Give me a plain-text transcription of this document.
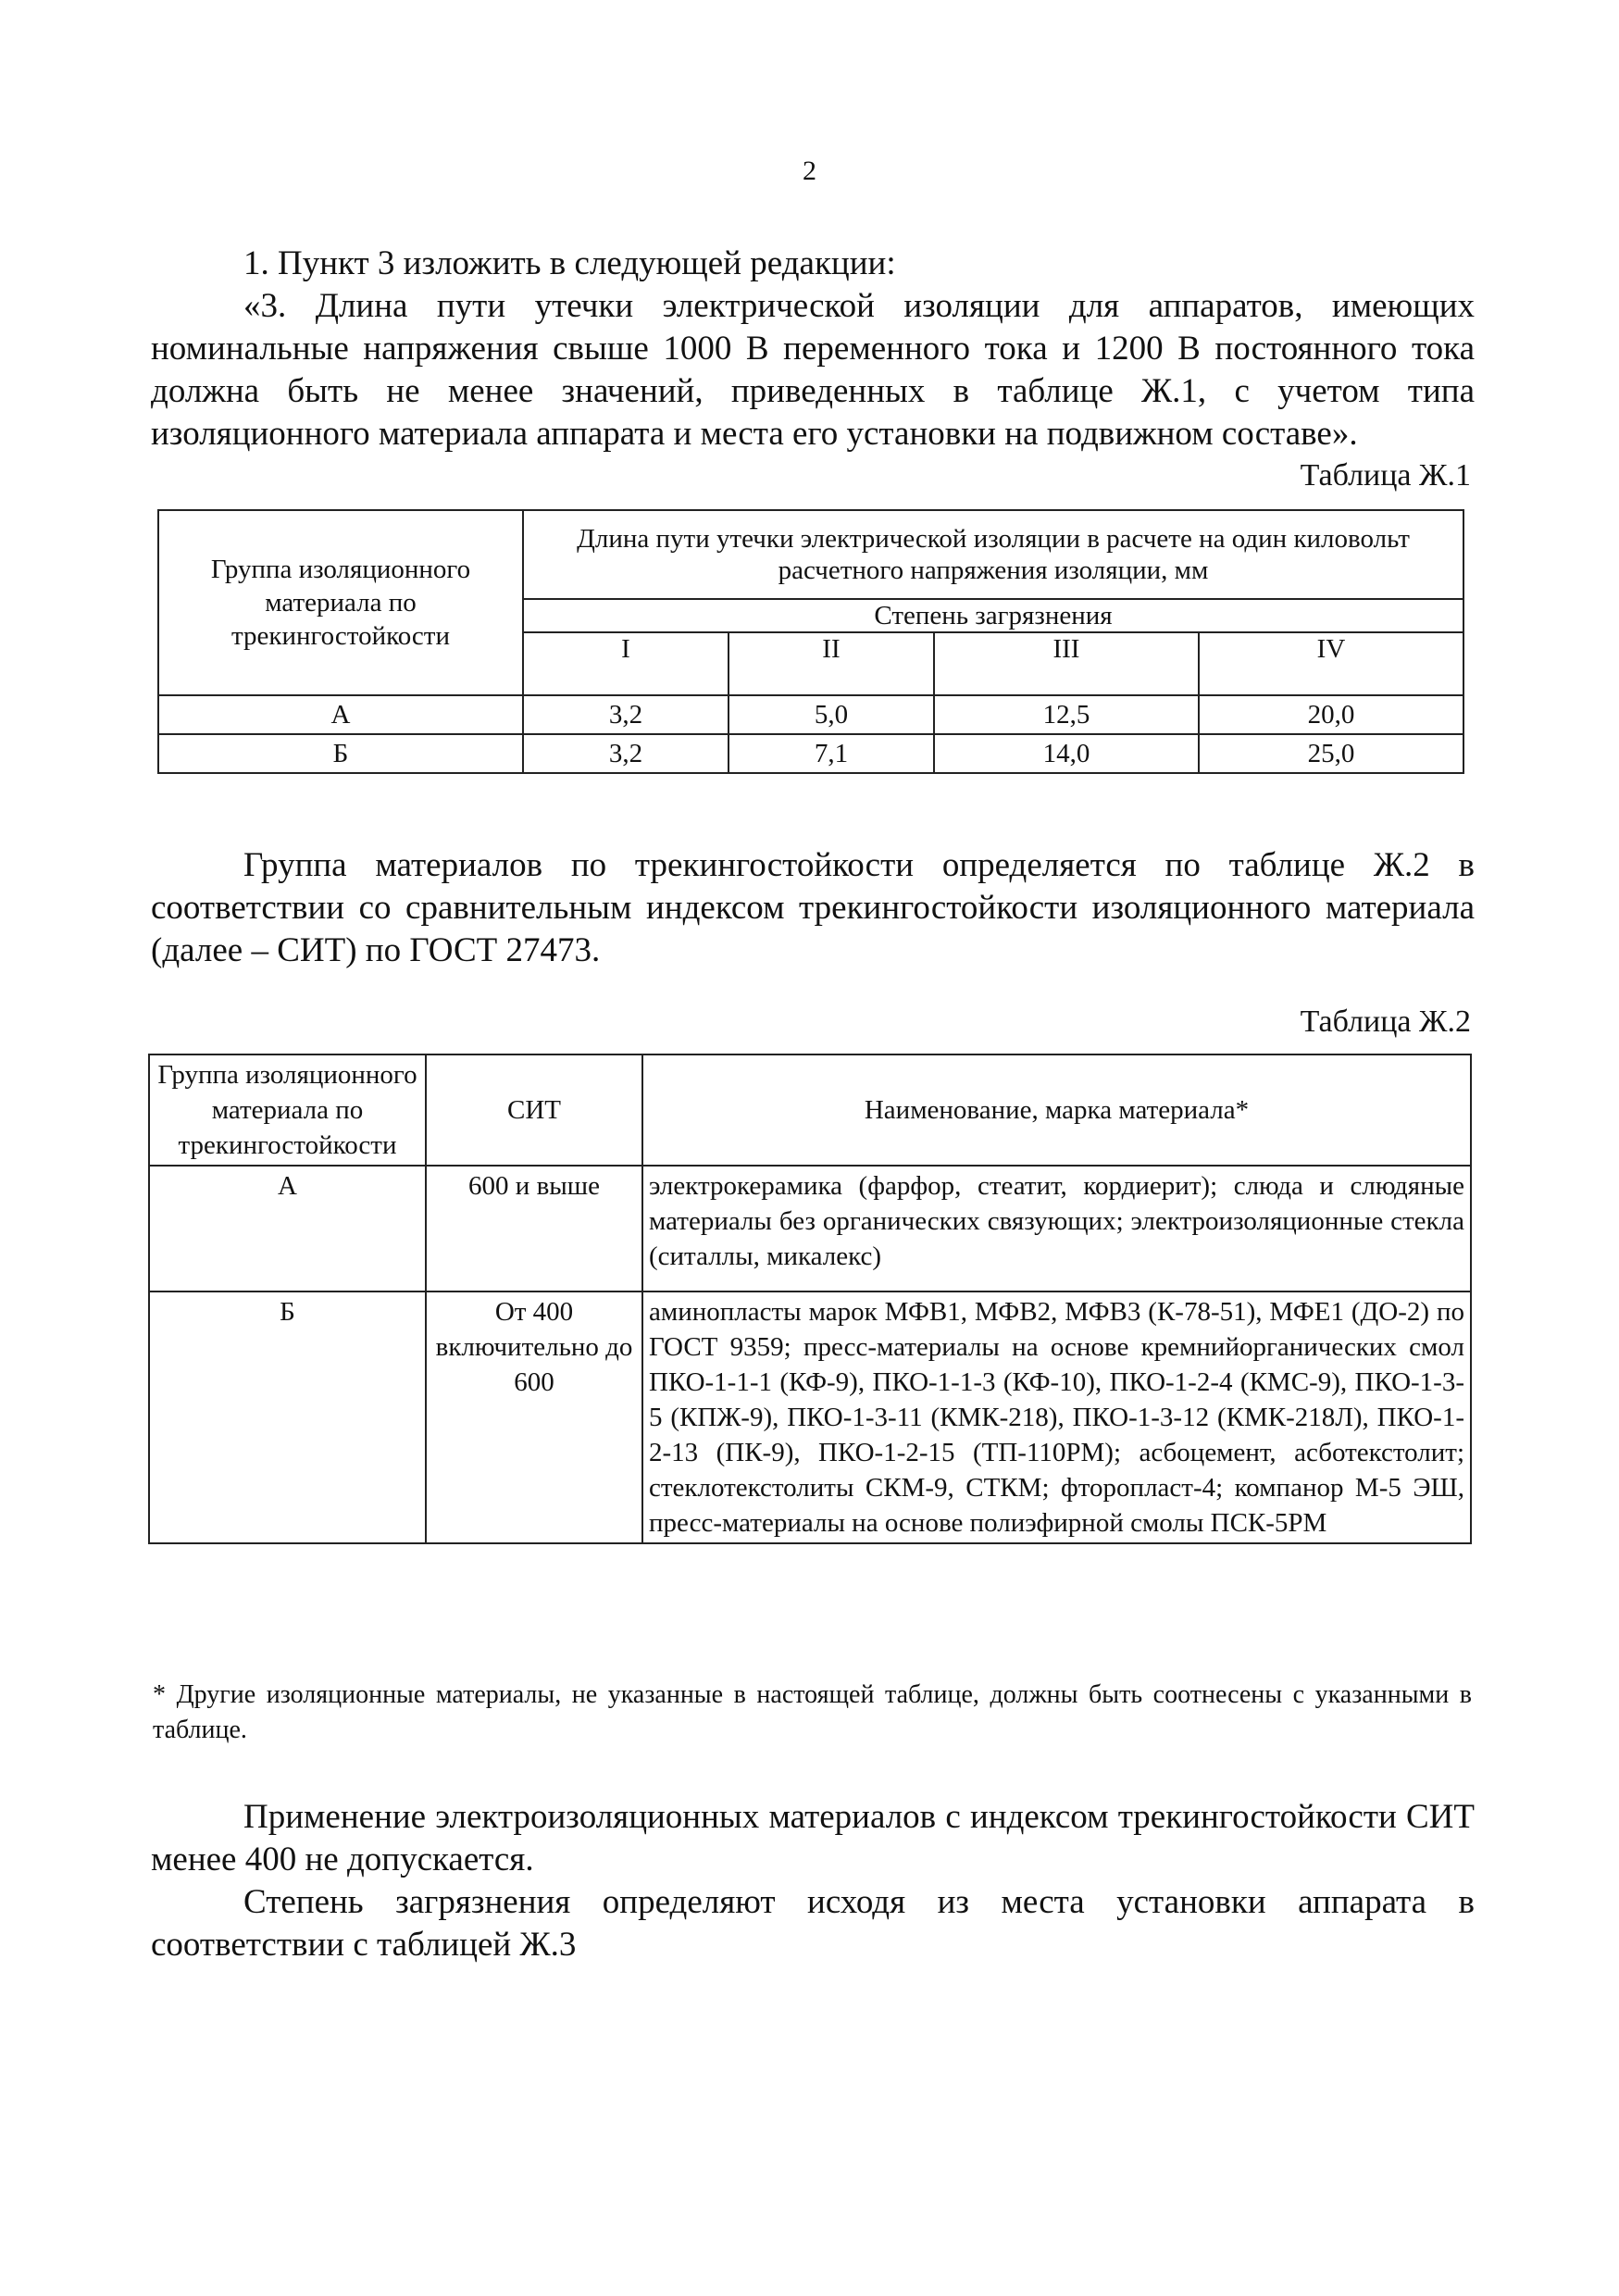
2
1. Пункт 3 изложить в следующей редакции:
«3. Длина пути утечки электрической изоляции для аппаратов, имеющих номинальные напряжения свыше 1000 В переменного тока и 1200 В постоянного тока должна быть не менее значений, приведенных в таблице Ж.1, с учетом типа изоляционного материала аппарата и места его установки на подвижном составе».
Таблица Ж.1
Группа изоляционного материала по трекингостойкости	Длина пути утечки электрической изоляции в расчете на один киловольт расчетного напряжения изоляции, мм			
	Степень загрязнения			
	I	II	III	IV
А	3,2	5,0	12,5	20,0
Б	3,2	7,1	14,0	25,0
Группа материалов по трекингостойкости определяется по таблице Ж.2 в соответствии со сравнительным индексом трекингостойкости изоляционного материала (далее – СИТ) по ГОСТ 27473.
Таблица Ж.2
Группа изоляционного материала по трекингостойкости	СИТ	Наименование, марка материала*
А	600 и выше	электрокерамика (фарфор, стеатит, кордиерит); слюда и слюдяные материалы без органических связующих; электроизоляционные стекла (ситаллы, микалекс)
Б	От 400 включительно до 600	аминопласты марок МФВ1, МФВ2, МФВ3 (К-78-51), МФЕ1 (ДО-2) по ГОСТ 9359; пресс-материалы на основе кремнийорганических смол ПКО-1-1-1 (КФ-9), ПКО-1-1-3 (КФ-10), ПКО-1-2-4 (КМС-9), ПКО-1-3-5 (КПЖ-9), ПКО-1-3-11 (КМК-218), ПКО-1-3-12 (КМК-218Л), ПКО-1-2-13 (ПК-9), ПКО-1-2-15 (ТП-110РМ); асбоцемент, асботекстолит; стеклотекстолиты СКМ-9, СТКМ; фторопласт-4; компанор М-5 ЭШ, пресс-материалы на основе полиэфирной смолы ПСК-5РМ
* Другие изоляционные материалы, не указанные в настоящей таблице, должны быть соотнесены с указанными в таблице.
Применение электроизоляционных материалов с индексом трекингостойкости СИТ менее 400 не допускается.
Степень загрязнения определяют исходя из места установки аппарата в соответствии с таблицей Ж.3
